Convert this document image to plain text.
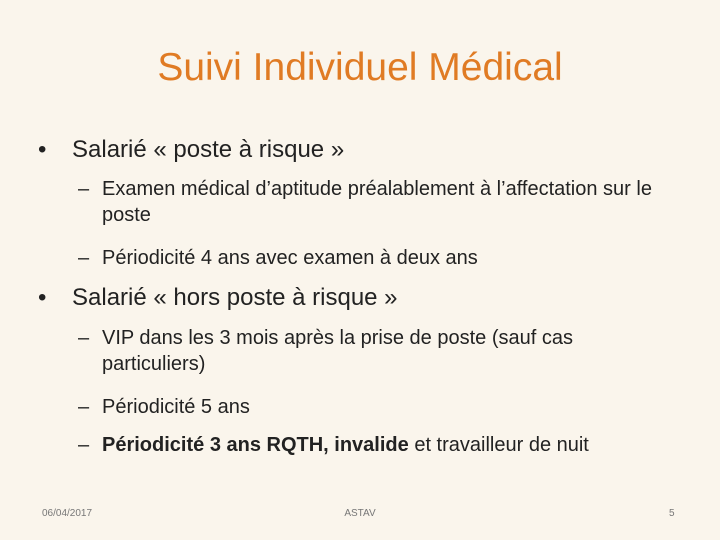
Suivi Individuel Médical
• Salarié « poste à risque »
– Examen médical d’aptitude préalablement à l’affectation sur le poste
– Périodicité 4 ans avec examen à deux ans
• Salarié « hors poste à risque »
– VIP dans les 3 mois après la prise de poste (sauf cas particuliers)
– Périodicité 5 ans
– Périodicité 3 ans RQTH, invalide et travailleur de nuit
06/04/2017	ASTAV	5
